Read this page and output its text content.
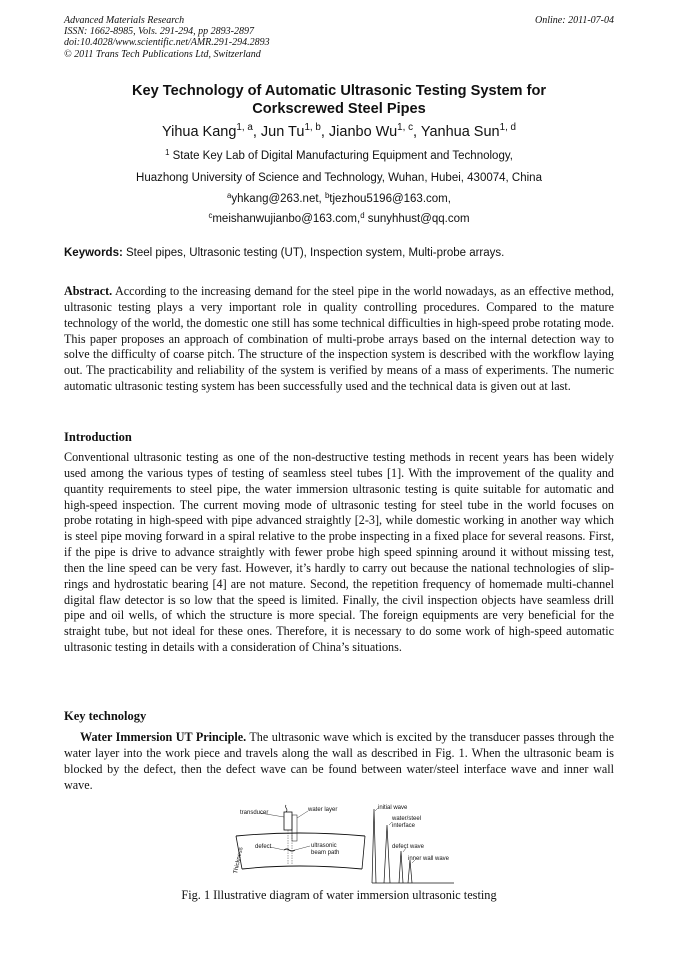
Advanced Materials Research
ISSN: 1662-8985, Vols. 291-294, pp 2893-2897
doi:10.4028/www.scientific.net/AMR.291-294.2893
© 2011 Trans Tech Publications Ltd, Switzerland
Online: 2011-07-04
Key Technology of Automatic Ultrasonic Testing System for
Corkscrewed Steel Pipes
Yihua Kang$^{1, a}$, Jun Tu$^{1, b}$, Jianbo Wu$^{1, c}$, Yanhua Sun$^{1, d}$
$^1$ State Key Lab of Digital Manufacturing Equipment and Technology,
Huazhong University of Science and Technology, Wuhan, Hubei, 430074, China
$^a$yhkang@263.net, $^b$tjezhou5196@163.com,
$^c$meishanwujianbo@163.com,$^d$ sunyhhust@qq.com
Keywords: Steel pipes, Ultrasonic testing (UT), Inspection system, Multi-probe arrays.
Abstract. According to the increasing demand for the steel pipe in the world nowadays, as an effective method, ultrasonic testing plays a very important role in quality controlling procedures. Compared to the mature technology of the world, the domestic one still has some technical difficulties in high-speed probe rotating mode. This paper proposes an approach of combination of multi-probe arrays based on the internal detection way to solve the difficulty of coarse pitch. The structure of the inspection system is described with the workflow laying out. The practicability and reliability of the system is verified by means of a mass of experiments. The numeric automatic ultrasonic testing system has been successfully used and the technical data is given out at last.
Introduction
Conventional ultrasonic testing as one of the non-destructive testing methods in recent years has been widely used among the various types of testing of seamless steel tubes [1]. With the improvement of the quality and quantity requirements to steel pipe, the water immersion ultrasonic testing is quite suitable for automatic and high-speed inspection. The current moving mode of ultrasonic testing for steel tube in the world focuses on probe rotating in high-speed with pipe advanced straightly [2-3], while domestic working in another way which is steel pipe moving forward in a spiral relative to the probe inspecting in a fixed place for several reasons. First, if the pipe is drive to advance straightly with fewer probe high speed spinning around it without missing test, then the line speed can be very fast. However, it’s hardly to carry out because the national technologies of slip-rings and hydrostatic bearing [4] are not mature. Second, the repetition frequency of homemade multi-channel digital flaw detector is so low that the speed is limited. Finally, the civil inspection objects have seamless drill pipe and oil wells, of which the structure is more special. The foreign equipments are very beneficial for the straight tube, but not ideal for these ones. Therefore, it is necessary to do some work of high-speed automatic ultrasonic testing in details with a consideration of China’s situations.
Key technology
Water Immersion UT Principle. The ultrasonic wave which is excited by the transducer passes through the water layer into the work piece and travels along the wall as described in Fig. 1. When the ultrasonic beam is blocked by the defect, then the defect wave can be found between water/steel interface wave and inner wall wave.
transducer	water layer
defect	ultrasonic
beam path
Thickness
initial wave
water/steel
interface
defect wave
inner wall wave
Fig. 1 Illustrative diagram of water immersion ultrasonic testing
